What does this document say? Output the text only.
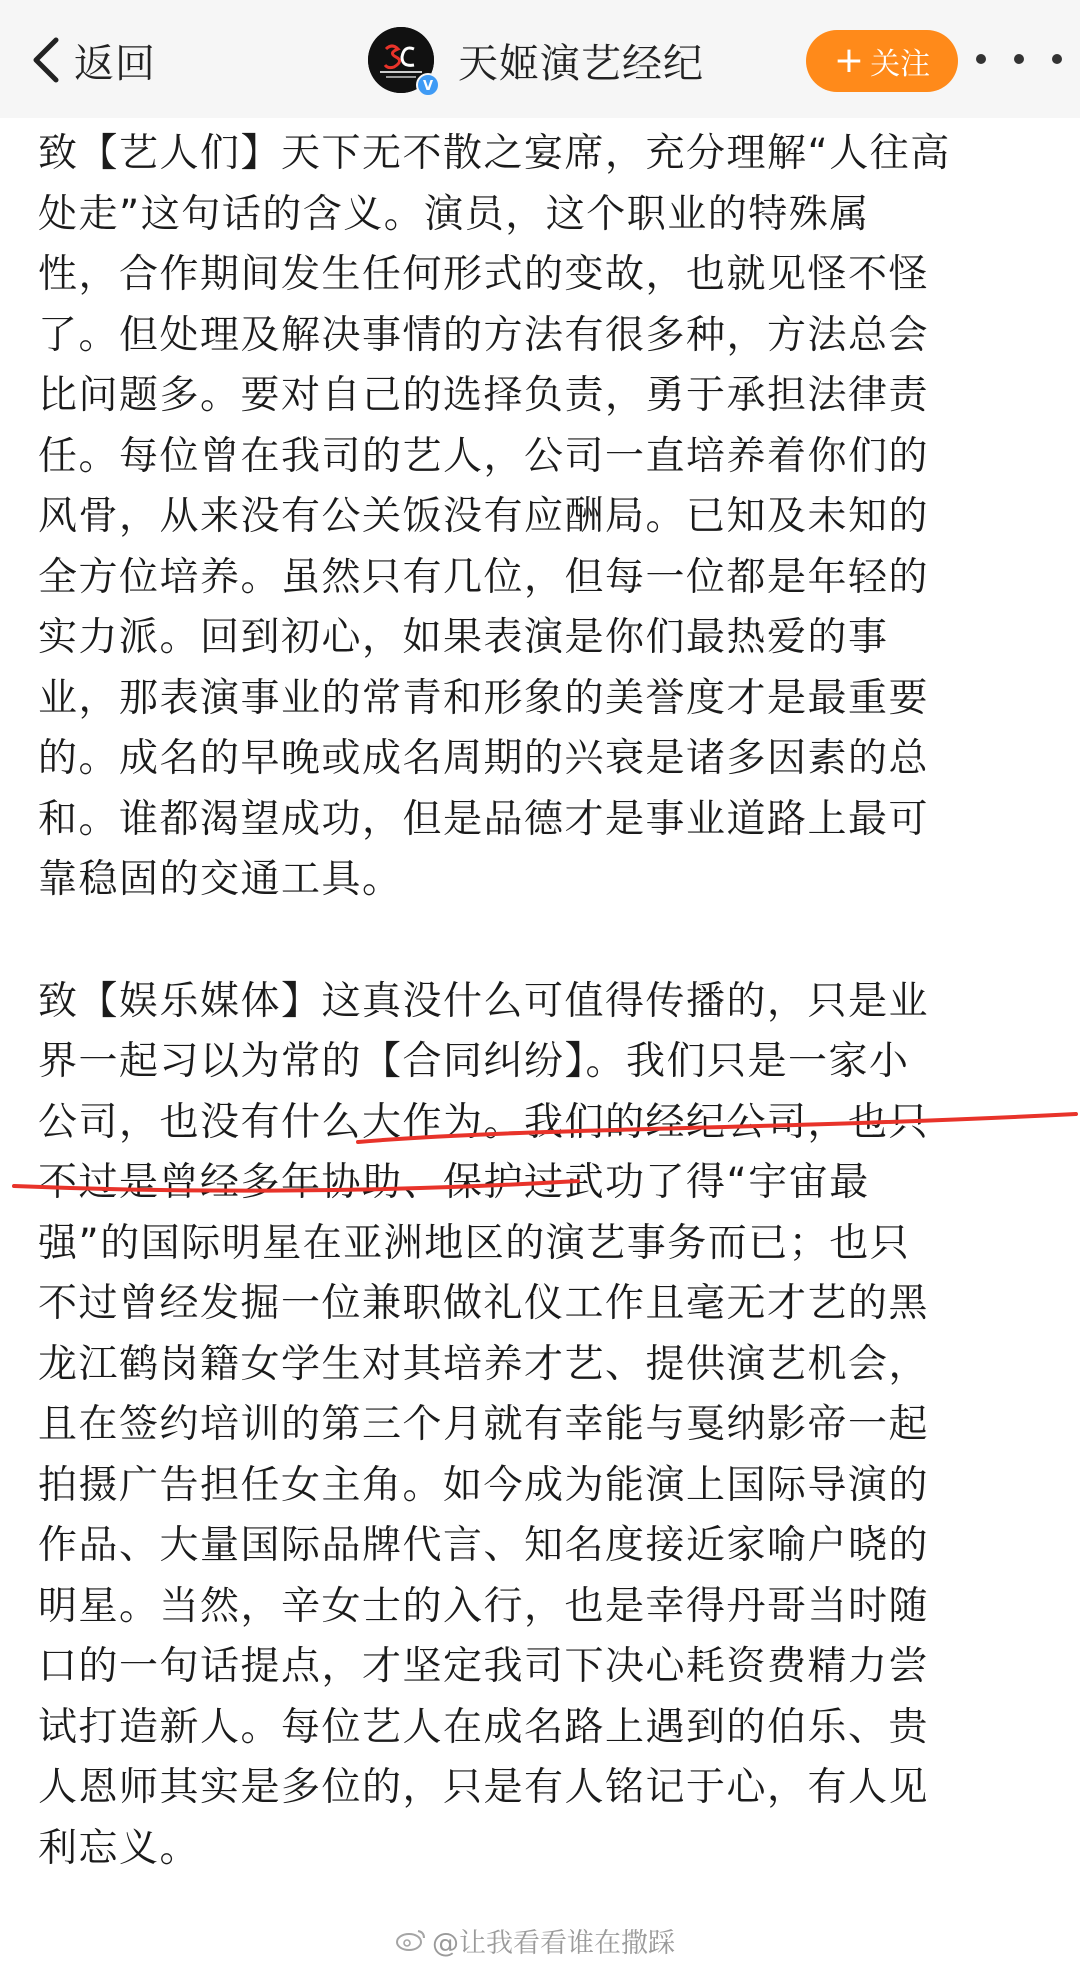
返回	V 天姬演艺经纪	+ 关注
致【艺人们】天下无不散之宴席，充分理解“人往高
处走”这句话的含义。演员，这个职业的特殊属
性，合作期间发生任何形式的变故，也就见怪不怪
了。但处理及解决事情的方法有很多种，方法总会
比问题多。要对自己的选择负责，勇于承担法律责
任。每位曾在我司的艺人，公司一直培养着你们的
风骨，从来没有公关饭没有应酬局。已知及未知的
全方位培养。虽然只有几位，但每一位都是年轻的
实力派。回到初心，如果表演是你们最热爱的事
业，那表演事业的常青和形象的美誉度才是最重要
的。成名的早晚或成名周期的兴衰是诸多因素的总
和。谁都渴望成功，但是品德才是事业道路上最可
靠稳固的交通工具。
致【娱乐媒体】这真没什么可值得传播的，只是业
界一起习以为常的【合同纠纷】。我们只是一家小
公司，也没有什么大作为。我们的经纪公司，也只
不过是曾经多年协助、保护过武功了得“宇宙最
强”的国际明星在亚洲地区的演艺事务而已；也只
不过曾经发掘一位兼职做礼仪工作且毫无才艺的黑
龙江鹤岗籍女学生对其培养才艺、提供演艺机会，
且在签约培训的第三个月就有幸能与戛纳影帝一起
拍摄广告担任女主角。如今成为能演上国际导演的
作品、大量国际品牌代言、知名度接近家喻户晓的
明星。当然，辛女士的入行，也是幸得丹哥当时随
口的一句话提点，才坚定我司下决心耗资费精力尝
试打造新人。每位艺人在成名路上遇到的伯乐、贵
人恩师其实是多位的，只是有人铭记于心，有人见
利忘义。
@让我看看谁在撒踩
